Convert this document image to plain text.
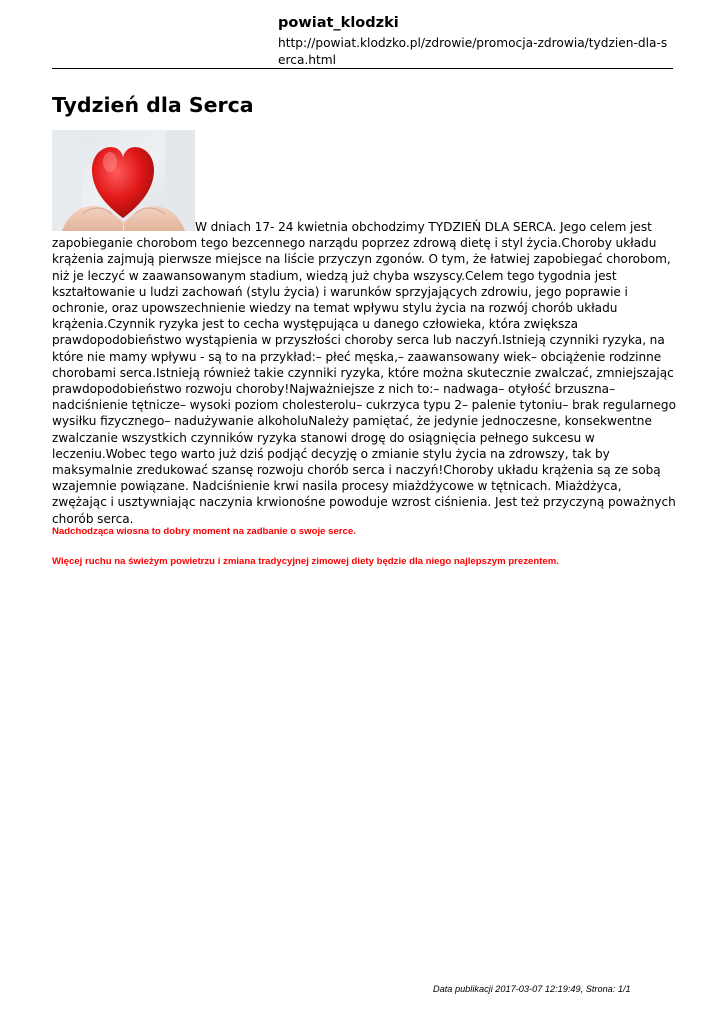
powiat_klodzki
http://powiat.klodzko.pl/zdrowie/promocja-zdrowia/tydzien-dla-serca.html
Tydzień dla Serca
W dniach 17- 24 kwietnia obchodzimy TYDZIEŃ DLA SERCA. Jego celem jest zapobieganie chorobom tego bezcennego narządu poprzez zdrową dietę i styl życia.Choroby układu krążenia zajmują pierwsze miejsce na liście przyczyn zgonów. O tym, że łatwiej zapobiegać chorobom, niż je leczyć w zaawansowanym stadium, wiedzą już chyba wszyscy.Celem tego tygodnia jest kształtowanie u ludzi zachowań (stylu życia) i warunków sprzyjających zdrowiu, jego poprawie i ochronie, oraz upowszechnienie wiedzy na temat wpływu stylu życia na rozwój chorób układu krążenia.Czynnik ryzyka jest to cecha występująca u danego człowieka, która zwiększa prawdopodobieństwo wystąpienia w przyszłości choroby serca lub naczyń.Istnieją czynniki ryzyka, na które nie mamy wpływu - są to na przykład:– płeć męska,– zaawansowany wiek– obciążenie rodzinne chorobami serca.Istnieją również takie czynniki ryzyka, które można skutecznie zwalczać, zmniejszając prawdopodobieństwo rozwoju choroby!Najważniejsze z nich to:– nadwaga– otyłość brzuszna– nadciśnienie tętnicze– wysoki poziom cholesterolu– cukrzyca typu 2– palenie tytoniu– brak regularnego wysiłku fizycznego– nadużywanie alkoholuNależy pamiętać, że jedynie jednoczesne, konsekwentne zwalczanie wszystkich czynników ryzyka stanowi drogę do osiągnięcia pełnego sukcesu w leczeniu.Wobec tego warto już dziś podjąć decyzję o zmianie stylu życia na zdrowszy, tak by maksymalnie zredukować szansę rozwoju chorób serca i naczyń!Choroby układu krążenia są ze sobą wzajemnie powiązane. Nadciśnienie krwi nasila procesy miażdżycowe w tętnicach. Miażdżyca, zwężając i usztywniając naczynia krwionośne powoduje wzrost ciśnienia. Jest też przyczyną poważnych chorób serca.
Nadchodząca wiosna to dobry moment na zadbanie o swoje serce.
Więcej ruchu na świeżym powietrzu i zmiana tradycyjnej zimowej diety będzie dla niego najlepszym prezentem.
Data publikacji 2017-03-07 12:19:49, Strona: 1/1
